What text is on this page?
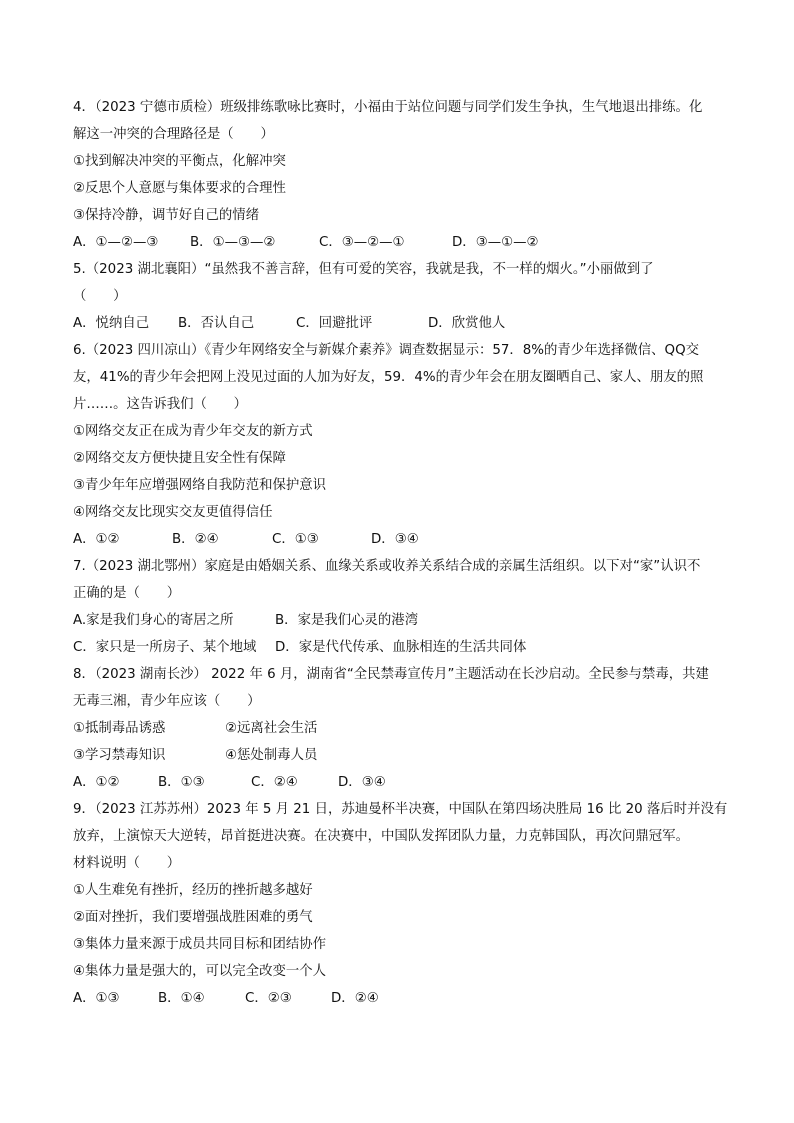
4．（2023 宁德市质检）班级排练歌咏比赛时，小福由于站位问题与同学们发生争执，生气地退出排练。化
解这一冲突的合理路径是（　　）
①找到解决冲突的平衡点，化解冲突
②反思个人意愿与集体要求的合理性
③保持冷静，调节好自己的情绪
A．①—②—③ B．①—③—②	C．③—②—①	D．③—①—②
5.（2023 湖北襄阳）“虽然我不善言辞，但有可爱的笑容，我就是我，不一样的烟火。”小丽做到了
（　　）
A．悦纳自己 B．否认自己	C．回避批评	D．欣赏他人
6.（2023 四川凉山）《青少年网络安全与新媒介素养》调查数据显示：57．8%的青少年选择微信、QQ交
友，41%的青少年会把网上没见过面的人加为好友，59．4%的青少年会在朋友圈晒自己、家人、朋友的照
片……。这告诉我们（　　）
①网络交友正在成为青少年交友的新方式
②网络交友方便快捷且安全性有保障
③青少年年应增强网络自我防范和保护意识
④网络交友比现实交友更值得信任
A．①②	B．②④	C．①③	D．③④
7.（2023 湖北鄂州）家庭是由婚姻关系、血缘关系或收养关系结合成的亲属生活组织。以下对“家”认识不
正确的是（　　）
A.家是我们身心的寄居之所	B．家是我们心灵的港湾
C．家只是一所房子、某个地域 D．家是代代传承、血脉相连的生活共同体
8．（2023 湖南长沙） 2022 年 6 月，湖南省“全民禁毒宣传月”主题活动在长沙启动。全民参与禁毒，共建
无毒三湘，青少年应该（　　）
①抵制毒品诱惑	②远离社会生活
③学习禁毒知识	④惩处制毒人员
A．①②	B．①③	C．②④	D．③④
9．（2023 江苏苏州）2023 年 5 月 21 日，苏迪曼杯半决赛，中国队在第四场决胜局 16 比 20 落后时并没有
放弃，上演惊天大逆转，昂首挺进决赛。在决赛中，中国队发挥团队力量，力克韩国队，再次问鼎冠军。
材料说明（　　）
①人生难免有挫折，经历的挫折越多越好
②面对挫折，我们要增强战胜困难的勇气
③集体力量来源于成员共同目标和团结协作
④集体力量是强大的，可以完全改变一个人
A．①③	B．①④	C．②③	D．②④
